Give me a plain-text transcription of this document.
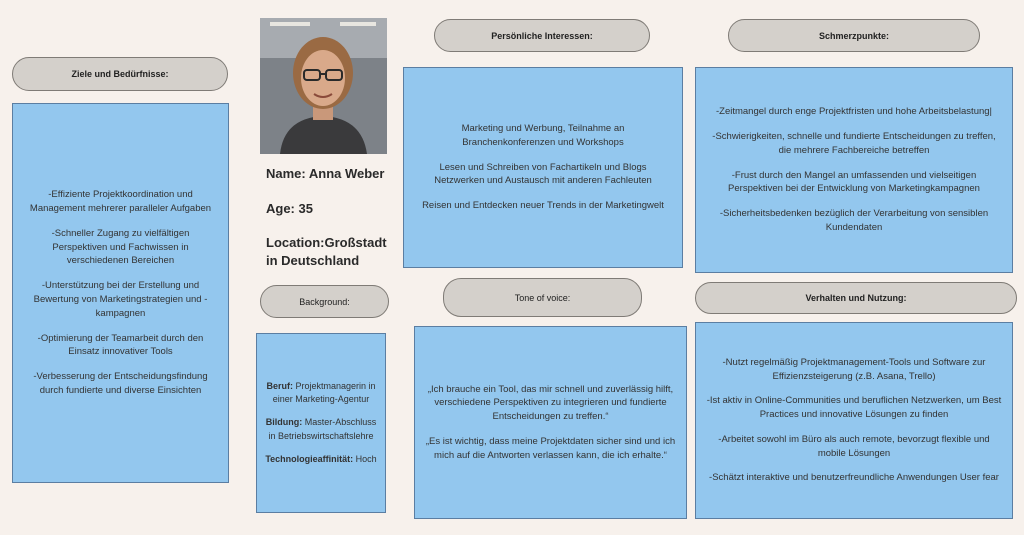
Ziele und Bedürfnisse:

-Effiziente Projektkoordination und Management mehrerer paralleler Aufgaben

-Schneller Zugang zu vielfältigen Perspektiven und Fachwissen in verschiedenen Bereichen

-Unterstützung bei der Erstellung und Bewertung von Marketingstrategien und -kampagnen

-Optimierung der Teamarbeit durch den Einsatz innovativer Tools

-Verbesserung der Entscheidungsfindung durch fundierte und diverse Einsichten

Name: Anna Weber
Age: 35
Location:Großstadt in Deutschland
Background:

Beruf: Projektmanagerin in einer Marketing-Agentur

Bildung: Master-Abschluss in Betriebswirtschaftslehre

Technologieaffinität: Hoch

Persönliche Interessen:

Marketing und Werbung, Teilnahme an Branchenkonferenzen und Workshops

Lesen und Schreiben von Fachartikeln und Blogs Netzwerken und Austausch mit anderen Fachleuten

Reisen und Entdecken neuer Trends in der Marketingwelt

Tone of voice:

„Ich brauche ein Tool, das mir schnell und zuverlässig hilft, verschiedene Perspektiven zu integrieren und fundierte Entscheidungen zu treffen.“

„Es ist wichtig, dass meine Projektdaten sicher sind und ich mich auf die Antworten verlassen kann, die ich erhalte.“

Schmerzpunkte:

-Zeitmangel durch enge Projektfristen und hohe Arbeitsbelastung|

-Schwierigkeiten, schnelle und fundierte Entscheidungen zu treffen, die mehrere Fachbereiche betreffen

-Frust durch den Mangel an umfassenden und vielseitigen Perspektiven bei der Entwicklung von Marketingkampagnen

-Sicherheitsbedenken bezüglich der Verarbeitung von sensiblen Kundendaten

Verhalten und Nutzung:

-Nutzt regelmäßig Projektmanagement-Tools und Software zur Effizienzsteigerung (z.B. Asana, Trello)

-Ist aktiv in Online-Communities und beruflichen Netzwerken, um Best Practices und innovative Lösungen zu finden

-Arbeitet sowohl im Büro als auch remote, bevorzugt flexible und mobile Lösungen

-Schätzt interaktive und benutzerfreundliche Anwendungen User fear
